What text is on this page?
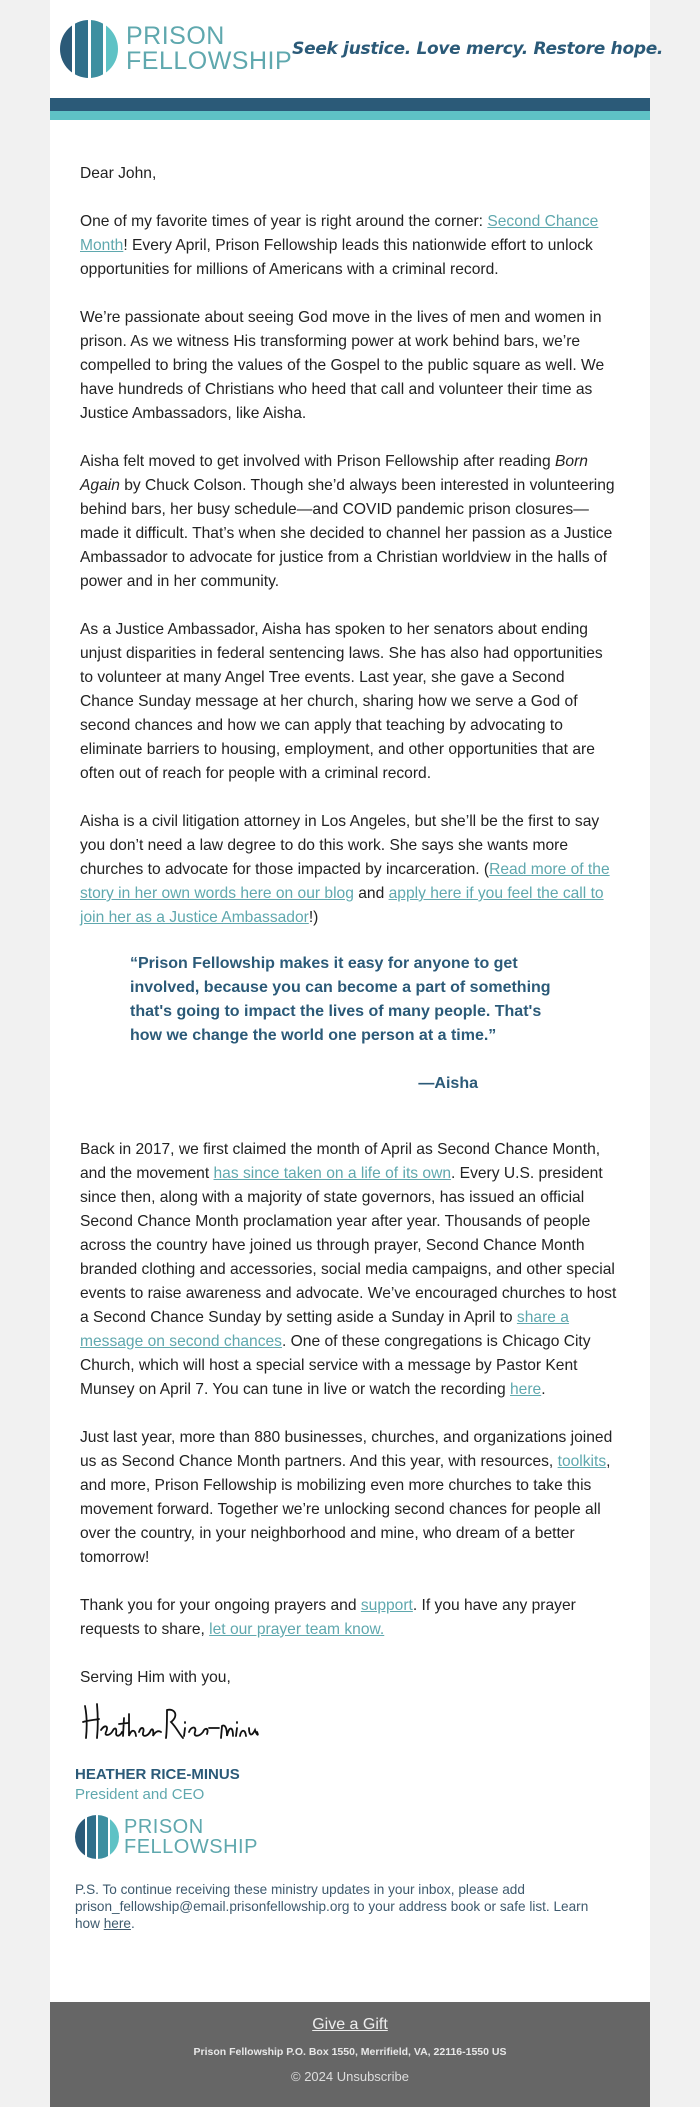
PRISON
FELLOWSHIP Seek justice. Love mercy. Restore hope.

Dear John,

One of my favorite times of year is right around the corner: Second Chance Month! Every April, Prison Fellowship leads this nationwide effort to unlock opportunities for millions of Americans with a criminal record.

We’re passionate about seeing God move in the lives of men and women in prison. As we witness His transforming power at work behind bars, we’re compelled to bring the values of the Gospel to the public square as well. We have hundreds of Christians who heed that call and volunteer their time as Justice Ambassadors, like Aisha.

Aisha felt moved to get involved with Prison Fellowship after reading Born Again by Chuck Colson. Though she’d always been interested in volunteering behind bars, her busy schedule—and COVID pandemic prison closures—made it difficult. That’s when she decided to channel her passion as a Justice Ambassador to advocate for justice from a Christian worldview in the halls of power and in her community.

As a Justice Ambassador, Aisha has spoken to her senators about ending unjust disparities in federal sentencing laws. She has also had opportunities to volunteer at many Angel Tree events. Last year, she gave a Second Chance Sunday message at her church, sharing how we serve a God of second chances and how we can apply that teaching by advocating to eliminate barriers to housing, employment, and other opportunities that are often out of reach for people with a criminal record.

Aisha is a civil litigation attorney in Los Angeles, but she’ll be the first to say you don’t need a law degree to do this work. She says she wants more churches to advocate for those impacted by incarceration. (Read more of the story in her own words here on our blog and apply here if you feel the call to join her as a Justice Ambassador!)

“Prison Fellowship makes it easy for anyone to get involved, because you can become a part of something that's going to impact the lives of many people. That's how we change the world one person at a time.”
—Aisha

Back in 2017, we first claimed the month of April as Second Chance Month, and the movement has since taken on a life of its own. Every U.S. president since then, along with a majority of state governors, has issued an official Second Chance Month proclamation year after year. Thousands of people across the country have joined us through prayer, Second Chance Month branded clothing and accessories, social media campaigns, and other special events to raise awareness and advocate. We’ve encouraged churches to host a Second Chance Sunday by setting aside a Sunday in April to share a message on second chances. One of these congregations is Chicago City Church, which will host a special service with a message by Pastor Kent Munsey on April 7. You can tune in live or watch the recording here.

Just last year, more than 880 businesses, churches, and organizations joined us as Second Chance Month partners. And this year, with resources, toolkits, and more, Prison Fellowship is mobilizing even more churches to take this movement forward. Together we’re unlocking second chances for people all over the country, in your neighborhood and mine, who dream of a better tomorrow!

Thank you for your ongoing prayers and support. If you have any prayer requests to share, let our prayer team know.

Serving Him with you,

HEATHER RICE-MINUS
President and CEO
PRISON
FELLOWSHIP
P.S. To continue receiving these ministry updates in your inbox, please add prison_fellowship@email.prisonfellowship.org to your address book or safe list. Learn how here.
Give a Gift
Prison Fellowship P.O. Box 1550, Merrifield, VA, 22116-1550 US
© 2024 Unsubscribe
